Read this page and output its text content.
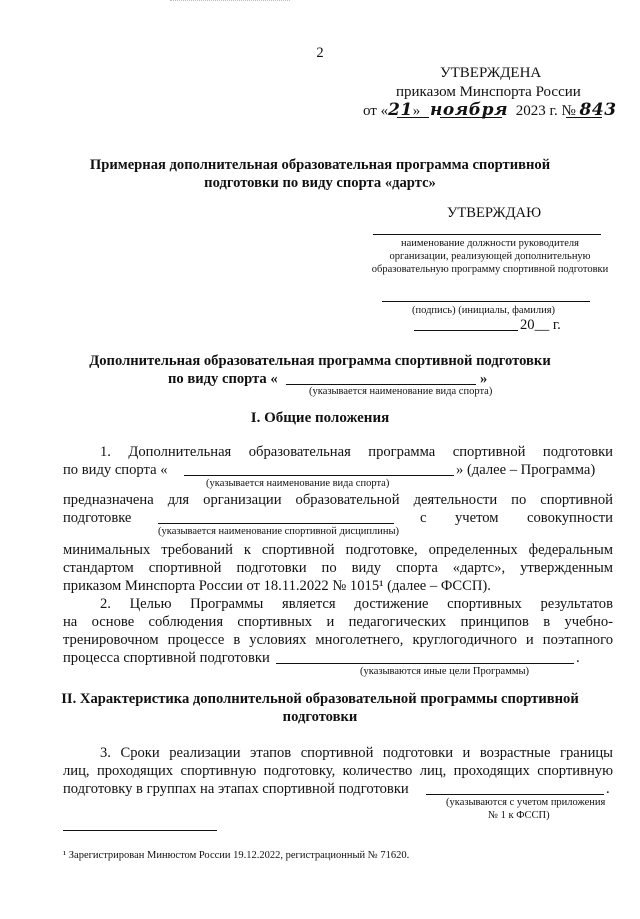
2
УТВЕРЖДЕНА
приказом Минспорта России
от «21» ноября 2023 г. № 843
Примерная дополнительная образовательная программа спортивной
подготовки по виду спорта «дартс»
УТВЕРЖДАЮ
наименование должности руководителя
организации, реализующей дополнительную
образовательную программу спортивной подготовки
(подпись) (инициалы, фамилия)
20__ г.
Дополнительная образовательная программа спортивной подготовки
по виду спорта «	»
(указывается наименование вида спорта)
I. Общие положения
1. Дополнительная образовательная программа спортивной подготовки
по виду спорта «	» (далее – Программа)
(указывается наименование вида спорта)
предназначена для организации образовательной деятельности по спортивной
подготовке	с учетом совокупности
(указывается наименование спортивной дисциплины)
минимальных требований к спортивной подготовке, определенных федеральным
стандартом спортивной подготовки по виду спорта «дартс», утвержденным
приказом Минспорта России от 18.11.2022 № 1015¹ (далее – ФССП).
2. Целью Программы является достижение спортивных результатов
на основе соблюдения спортивных и педагогических принципов в учебно-
тренировочном процессе в условиях многолетнего, круглогодичного и поэтапного
процесса спортивной подготовки	.
(указываются иные цели Программы)
II. Характеристика дополнительной образовательной программы спортивной
подготовки
3. Сроки реализации этапов спортивной подготовки и возрастные границы
лиц, проходящих спортивную подготовку, количество лиц, проходящих спортивную
подготовку в группах на этапах спортивной подготовки	.
(указываются с учетом приложения
№ 1 к ФССП)
¹ Зарегистрирован Минюстом России 19.12.2022, регистрационный № 71620.
